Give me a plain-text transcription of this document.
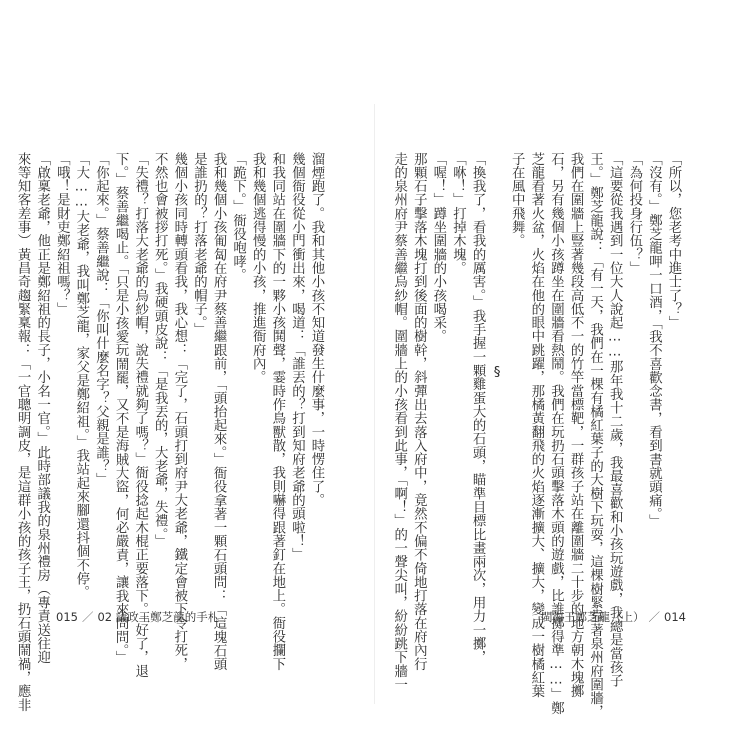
溜煙跑了。我和其他小孩不知道發生什麼事，一時愣住了。
幾個衙役從小門衝出來，喝道：「誰丟的？打到知府老爺的頭啦！」
和我同站在圍牆下的一夥小孩鬨聲，霎時作鳥獸散，我則嚇得跟著釘在地上。衙役攔下
我和幾個逃得慢的小孩，推進衙府內。
「跪下。」衙役咆哮。
我和幾個小孩匍匐在府尹蔡善繼跟前，「頭抬起來。」衙役拿著一顆石頭問：「這塊石頭
是誰扔的？打落老爺的帽子。」
幾個小孩同時轉頭看我，我心想：「完了，石頭打到府尹大老爺，鐵定會被下令打死，
不然也會被拶打死。」我硬頭皮說：「是我丟的，大老爺，失禮。」
「失禮？打落大老爺的烏紗帽，說失禮就夠了嗎？」衙役捻起木棍正要落下。「好了，退
下。」蔡善繼喝止。「只是小孩愛玩鬧罷，又不是海賊大盜，何必嚴責，讓我來問問。」
「你起來。」蔡善繼說：「你叫什麼名字？父親是誰？」
「大……大老爺，我叫鄭芝龍，家父是鄭紹祖。」我站起來腳還抖個不停。
「哦！是財吏鄭紹祖嗎？」
「啟稟老爺，他正是鄭紹祖的長子，小名一官。」此時部議我的泉州禮房（專責送往迎
來等知客差事）黃昌奇趨緊稟報：「一官聰明調皮，是這群小孩的孩子王，扔石頭鬧禍，應非 015 ／ 02 議政王鄭芝龍的手札
「所以，您老考中進士了？」
「沒有。」鄭芝龍呷一口酒，「我不喜歡念書，看到書就頭痛。」
「為何投身行伍？」
「這要從我遇到一位大人說起……那年我十二歲，我最喜歡和小孩玩遊戲，我總是當孩子
王。」鄭芝龍說：「有一天，我們在一棵有橘紅葉子的大樹下玩耍，這棵樹緊靠著泉州府圍牆，
我們在圍牆上豎著幾段高低不一的竹竿當標靶，一群孩子站在離圍牆二十步的地方朝木塊擲
石，另有幾個小孩蹲坐在圍牆看熱鬧。我們在玩扔石頭擊落木頭的遊戲，比誰擲得準……」鄭
芝龍看著火盆，火焰在他的眼中跳躍，那橘黃翻飛的火焰逐漸擴大、擴大，變成一樹橘紅葉
子在風中飛舞。
§
「換我了，看我的厲害。」我手握一顆雞蛋大的石頭，瞄準目標比畫兩次，用力一擲，
「咻！」打掉木塊。
「喔！」蹲坐圍牆的小孩喝采。
那顆石子擊落木塊打到後面的樹幹，斜彈出去落入府中，竟然不偏不倚地打落在府內行
走的泉州府尹蔡善繼烏紗帽。圍牆上的小孩看到此事，「啊！」的一聲尖叫，紛紛跳下牆一	閩海王鄭芝龍（上） ／ 014
